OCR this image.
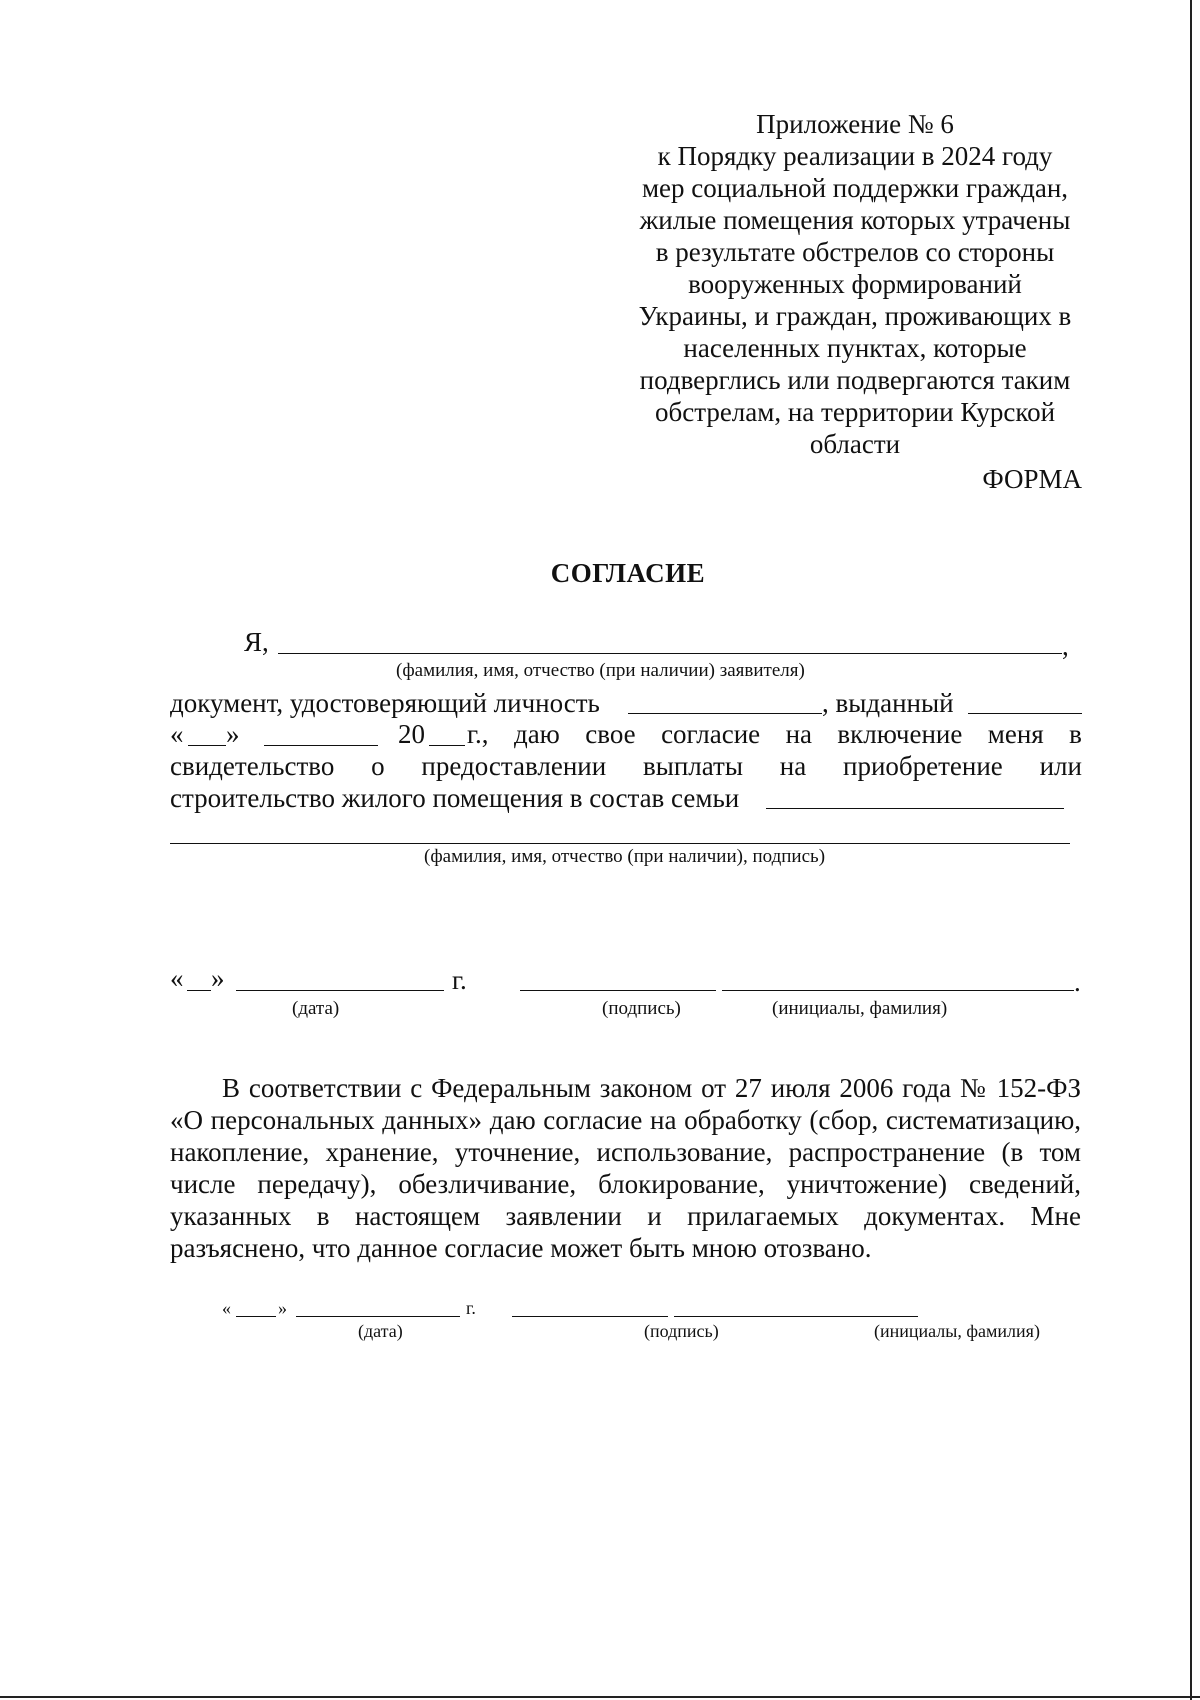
Приложение № 6
к Порядку реализации в 2024 году
мер социальной поддержки граждан,
жилые помещения которых утрачены
в результате обстрелов со стороны
вооруженных формирований
Украины, и граждан, проживающих в
населенных пунктах, которые
подверглись или подвергаются таким
обстрелам, на территории Курской
области
ФОРМА
СОГЛАСИЕ
Я,	,
(фамилия, имя, отчество (при наличии) заявителя)
документ, удостоверяющий личность	, выданный
« »	20 г., даю свое согласие на включение меня в
свидетельство о предоставлении выплаты на приобретение или
строительство жилого помещения в состав семьи
(фамилия, имя, отчество (при наличии), подпись)
« »	г.	.
(дата)	(подпись)	(инициалы, фамилия)
В соответствии с Федеральным законом от 27 июля 2006 года № 152-ФЗ «О персональных данных» даю согласие на обработку (сбор, систематизацию, накопление, хранение, уточнение, использование, распространение (в том числе передачу), обезличивание, блокирование, уничтожение) сведений, указанных в настоящем заявлении и прилагаемых документах. Мне разъяснено, что данное согласие может быть мною отозвано.
«	»	г.
(дата)	(подпись)	(инициалы, фамилия)
